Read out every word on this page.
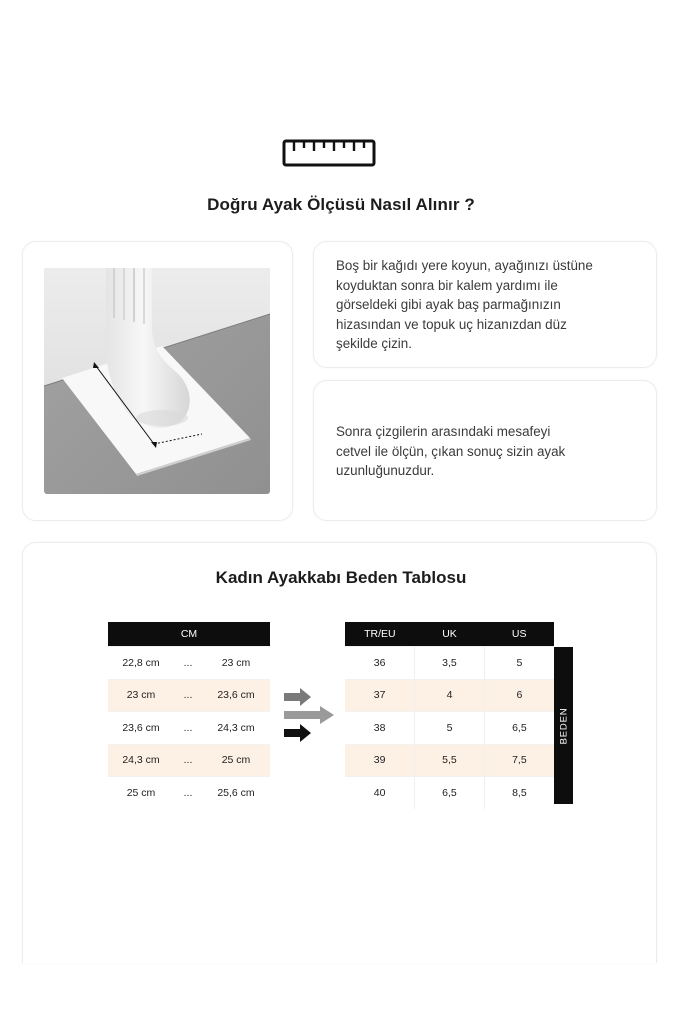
Doğru Ayak Ölçüsü Nasıl Alınır ?
Boş bir kağıdı yere koyun, ayağınızı üstüne
koyduktan sonra bir kalem yardımı ile
görseldeki gibi ayak baş parmağınızın
hizasından ve topuk uç hizanızdan düz
şekilde çizin.
Sonra çizgilerin arasındaki mesafeyi
cetvel ile ölçün, çıkan sonuç sizin ayak
uzunluğunuzdur.
Kadın Ayakkabı Beden Tablosu
CM		
22,8 cm	...	23 cm
23 cm	...	23,6 cm
23,6 cm	...	24,3 cm
24,3 cm	...	25 cm
25 cm	...	25,6 cm
TR/EU	UK	US
36	3,5	5
37	4	6
38	5	6,5
39	5,5	7,5
40	6,5	8,5
BEDEN
